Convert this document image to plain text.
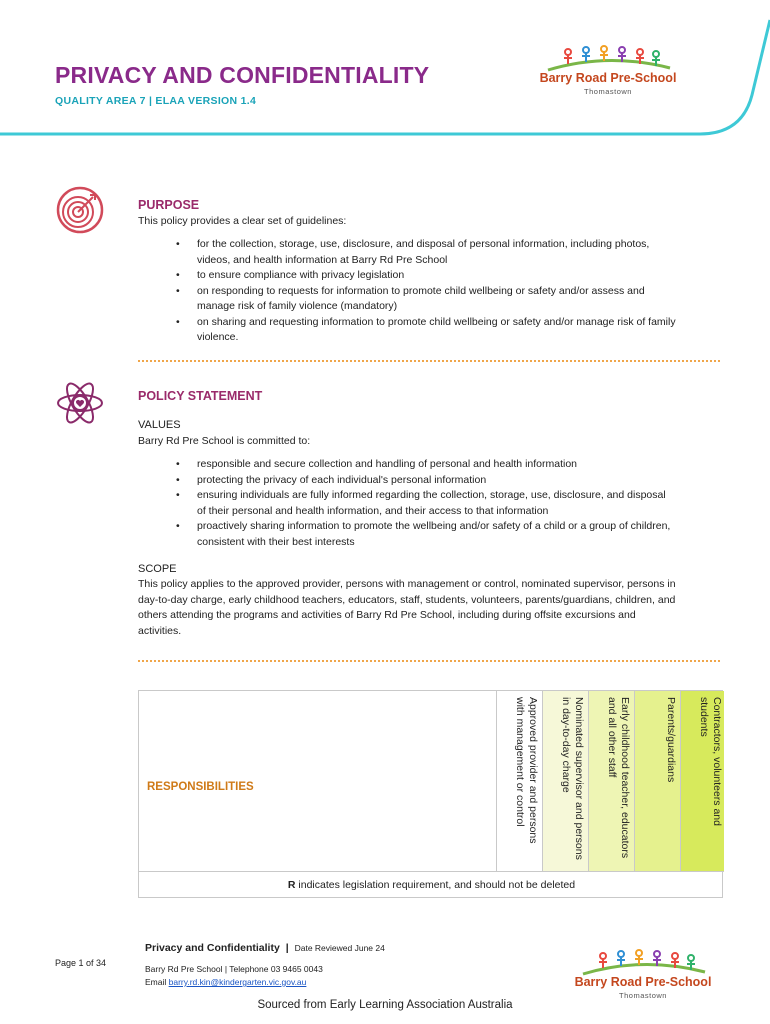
PRIVACY AND CONFIDENTIALITY
QUALITY AREA 7 | ELAA VERSION 1.4
Barry Road Pre-School
Thomastown
PURPOSE
This policy provides a clear set of guidelines:
• for the collection, storage, use, disclosure, and disposal of personal information, including photos, videos, and health information at Barry Rd Pre School
• to ensure compliance with privacy legislation
• on responding to requests for information to promote child wellbeing or safety and/or assess and manage risk of family violence (mandatory)
• on sharing and requesting information to promote child wellbeing or safety and/or manage risk of family violence.
POLICY STATEMENT
VALUES
Barry Rd Pre School is committed to:
• responsible and secure collection and handling of personal and health information
• protecting the privacy of each individual's personal information
• ensuring individuals are fully informed regarding the collection, storage, use, disclosure, and disposal of their personal and health information, and their access to that information
• proactively sharing information to promote the wellbeing and/or safety of a child or a group of children, consistent with their best interests
SCOPE
This policy applies to the approved provider, persons with management or control, nominated supervisor, persons in day-to-day charge, early childhood teachers, educators, staff, students, volunteers, parents/guardians, children, and others attending the programs and activities of Barry Rd Pre School, including during offsite excursions and activities.
RESPONSIBILITIES	Approved provider and persons with management or control	Nominated supervisor and persons in day-to-day charge	Early childhood teacher, educators and all other staff	Parents/guardians	Contractors, volunteers and students
R indicates legislation requirement, and should not be deleted
Page 1 of 34
Privacy and Confidentiality | Date Reviewed June 24
Barry Rd Pre School | Telephone 03 9465 0043
Email barry.rd.kin@kindergarten.vic.gov.au	Barry Road Pre-School
Thomastown
Sourced from Early Learning Association Australia
